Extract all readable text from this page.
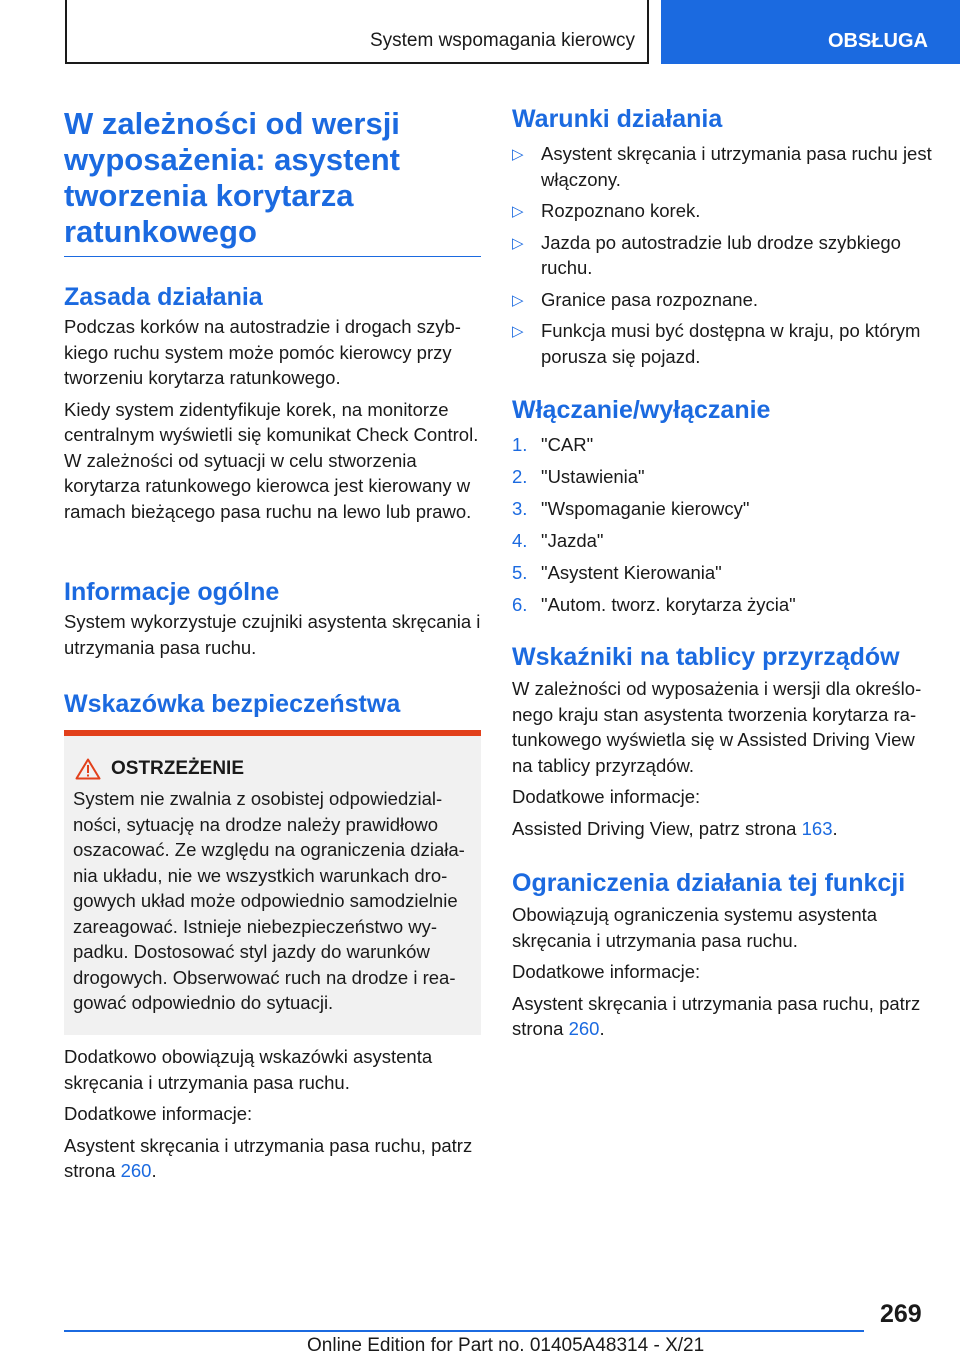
System wspomagania kierowcy	OBSŁUGA
W zależności od wersji wyposażenia: asystent tworzenia korytarza ratunkowego
Zasada działania

Podczas korków na autostradzie i drogach szybkiego ruchu system może pomóc kierowcy przy tworzeniu korytarza ratunkowego.

Kiedy system zidentyfikuje korek, na monitorze centralnym wyświetli się komunikat Check Control. W zależności od sytuacji w celu stworzenia korytarza ratunkowego kierowca jest kierowany w ramach bieżącego pasa ruchu na lewo lub prawo.

Informacje ogólne

System wykorzystuje czujniki asystenta skręcania i utrzymania pasa ruchu.

Wskazówka bezpieczeństwa
OSTRZEŻENIE

System nie zwalnia z osobistej odpowiedzialności, sytuację na drodze należy prawidłowo oszacować. Ze względu na ograniczenia działania układu, nie we wszystkich warunkach drogowych układ może odpowiednio samodzielnie zareagować. Istnieje niebezpieczeństwo wypadku. Dostosować styl jazdy do warunków drogowych. Obserwować ruch na drodze i reagować odpowiednio do sytuacji.

Dodatkowo obowiązują wskazówki asystenta skręcania i utrzymania pasa ruchu.

Dodatkowe informacje:

Asystent skręcania i utrzymania pasa ruchu, patrz strona 260.

Warunki działania
▷ Asystent skręcania i utrzymania pasa ruchu jest włączony.
▷ Rozpoznano korek.
▷ Jazda po autostradzie lub drodze szybkiego ruchu.
▷ Granice pasa rozpoznane.
▷ Funkcja musi być dostępna w kraju, po którym porusza się pojazd.
Włączanie/wyłączanie
1. "CAR"
2. "Ustawienia"
3. "Wspomaganie kierowcy"
4. "Jazda"
5. "Asystent Kierowania"
6. "Autom. tworz. korytarza życia"
Wskaźniki na tablicy przyrządów

W zależności od wyposażenia i wersji dla określonego kraju stan asystenta tworzenia korytarza ratunkowego wyświetla się w Assisted Driving View na tablicy przyrządów.

Dodatkowe informacje:

Assisted Driving View, patrz strona 163.

Ograniczenia działania tej funkcji

Obowiązują ograniczenia systemu asystenta skręcania i utrzymania pasa ruchu.

Dodatkowe informacje:

Asystent skręcania i utrzymania pasa ruchu, patrz strona 260.

269
Online Edition for Part no. 01405A48314 - X/21
